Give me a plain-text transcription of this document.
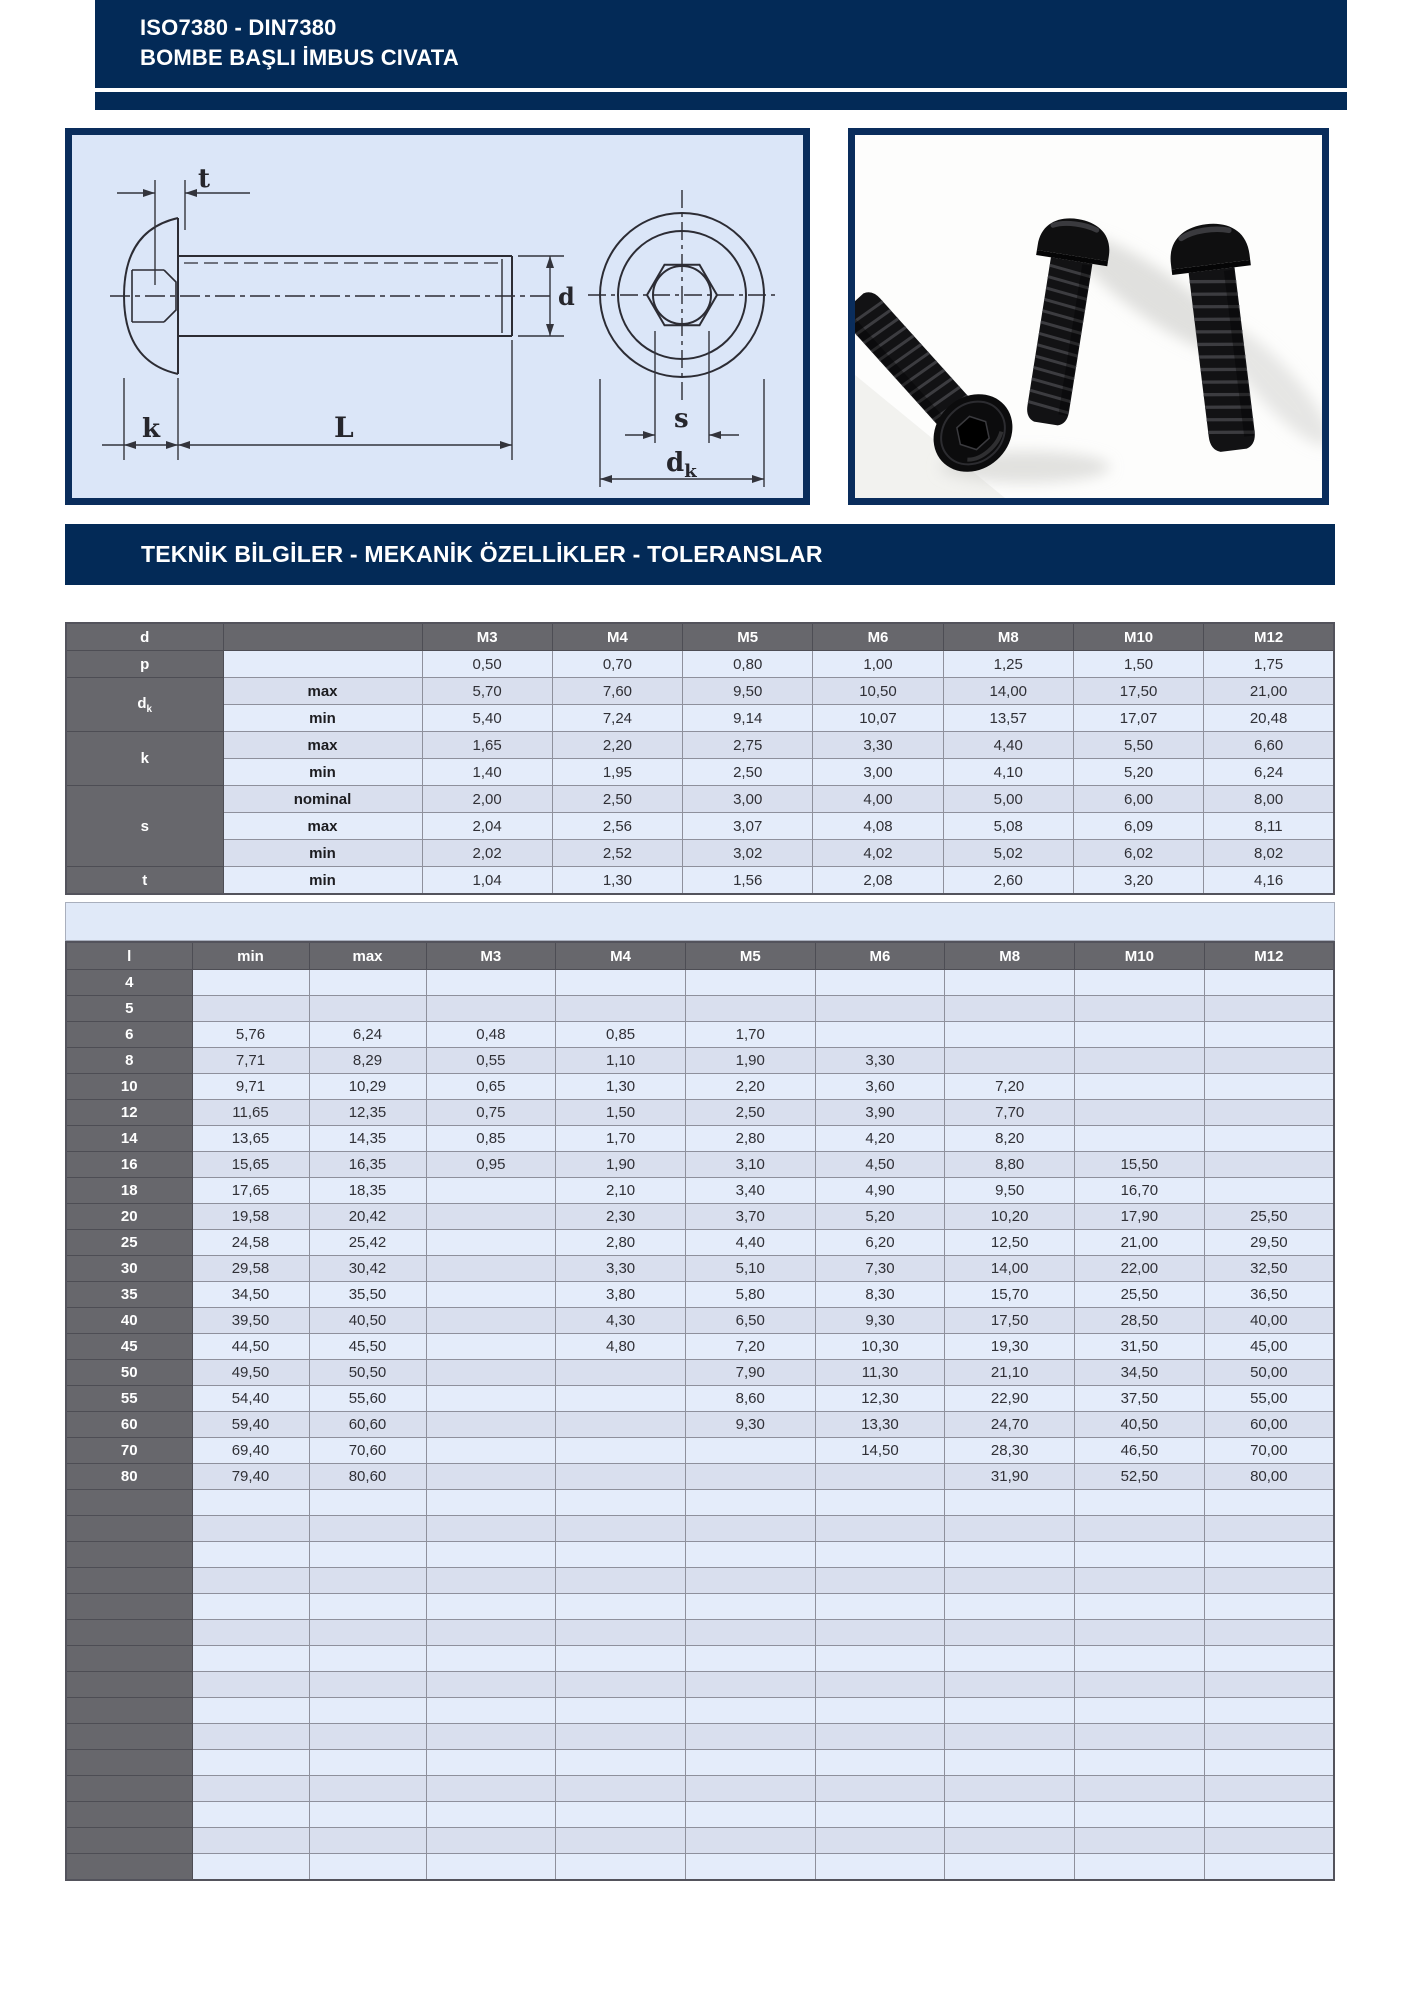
ISO7380 - DIN7380
BOMBE BAŞLI İMBUS CIVATA
t
k	L
d
s
$d_k$
TEKNİK BİLGİLER - MEKANİK ÖZELLİKLER - TOLERANSLAR
d		M3	M4	M5	M6	M8	M10	M12
p		0,50	0,70	0,80	1,00	1,25	1,50	1,75
$d_k$	max	5,70	7,60	9,50	10,50	14,00	17,50	21,00
	min	5,40	7,24	9,14	10,07	13,57	17,07	20,48
k	max	1,65	2,20	2,75	3,30	4,40	5,50	6,60
	min	1,40	1,95	2,50	3,00	4,10	5,20	6,24
s	nominal	2,00	2,50	3,00	4,00	5,00	6,00	8,00
	max	2,04	2,56	3,07	4,08	5,08	6,09	8,11
	min	2,02	2,52	3,02	4,02	5,02	6,02	8,02
t	min	1,04	1,30	1,56	2,08	2,60	3,20	4,16
l	min	max	M3	M4	M5	M6	M8	M10	M12
4									
5									
6	5,76	6,24	0,48	0,85	1,70				
8	7,71	8,29	0,55	1,10	1,90	3,30			
10	9,71	10,29	0,65	1,30	2,20	3,60	7,20		
12	11,65	12,35	0,75	1,50	2,50	3,90	7,70		
14	13,65	14,35	0,85	1,70	2,80	4,20	8,20		
16	15,65	16,35	0,95	1,90	3,10	4,50	8,80	15,50	
18	17,65	18,35		2,10	3,40	4,90	9,50	16,70	
20	19,58	20,42		2,30	3,70	5,20	10,20	17,90	25,50
25	24,58	25,42		2,80	4,40	6,20	12,50	21,00	29,50
30	29,58	30,42		3,30	5,10	7,30	14,00	22,00	32,50
35	34,50	35,50		3,80	5,80	8,30	15,70	25,50	36,50
40	39,50	40,50		4,30	6,50	9,30	17,50	28,50	40,00
45	44,50	45,50		4,80	7,20	10,30	19,30	31,50	45,00
50	49,50	50,50			7,90	11,30	21,10	34,50	50,00
55	54,40	55,60			8,60	12,30	22,90	37,50	55,00
60	59,40	60,60			9,30	13,30	24,70	40,50	60,00
70	69,40	70,60				14,50	28,30	46,50	70,00
80	79,40	80,60					31,90	52,50	80,00
